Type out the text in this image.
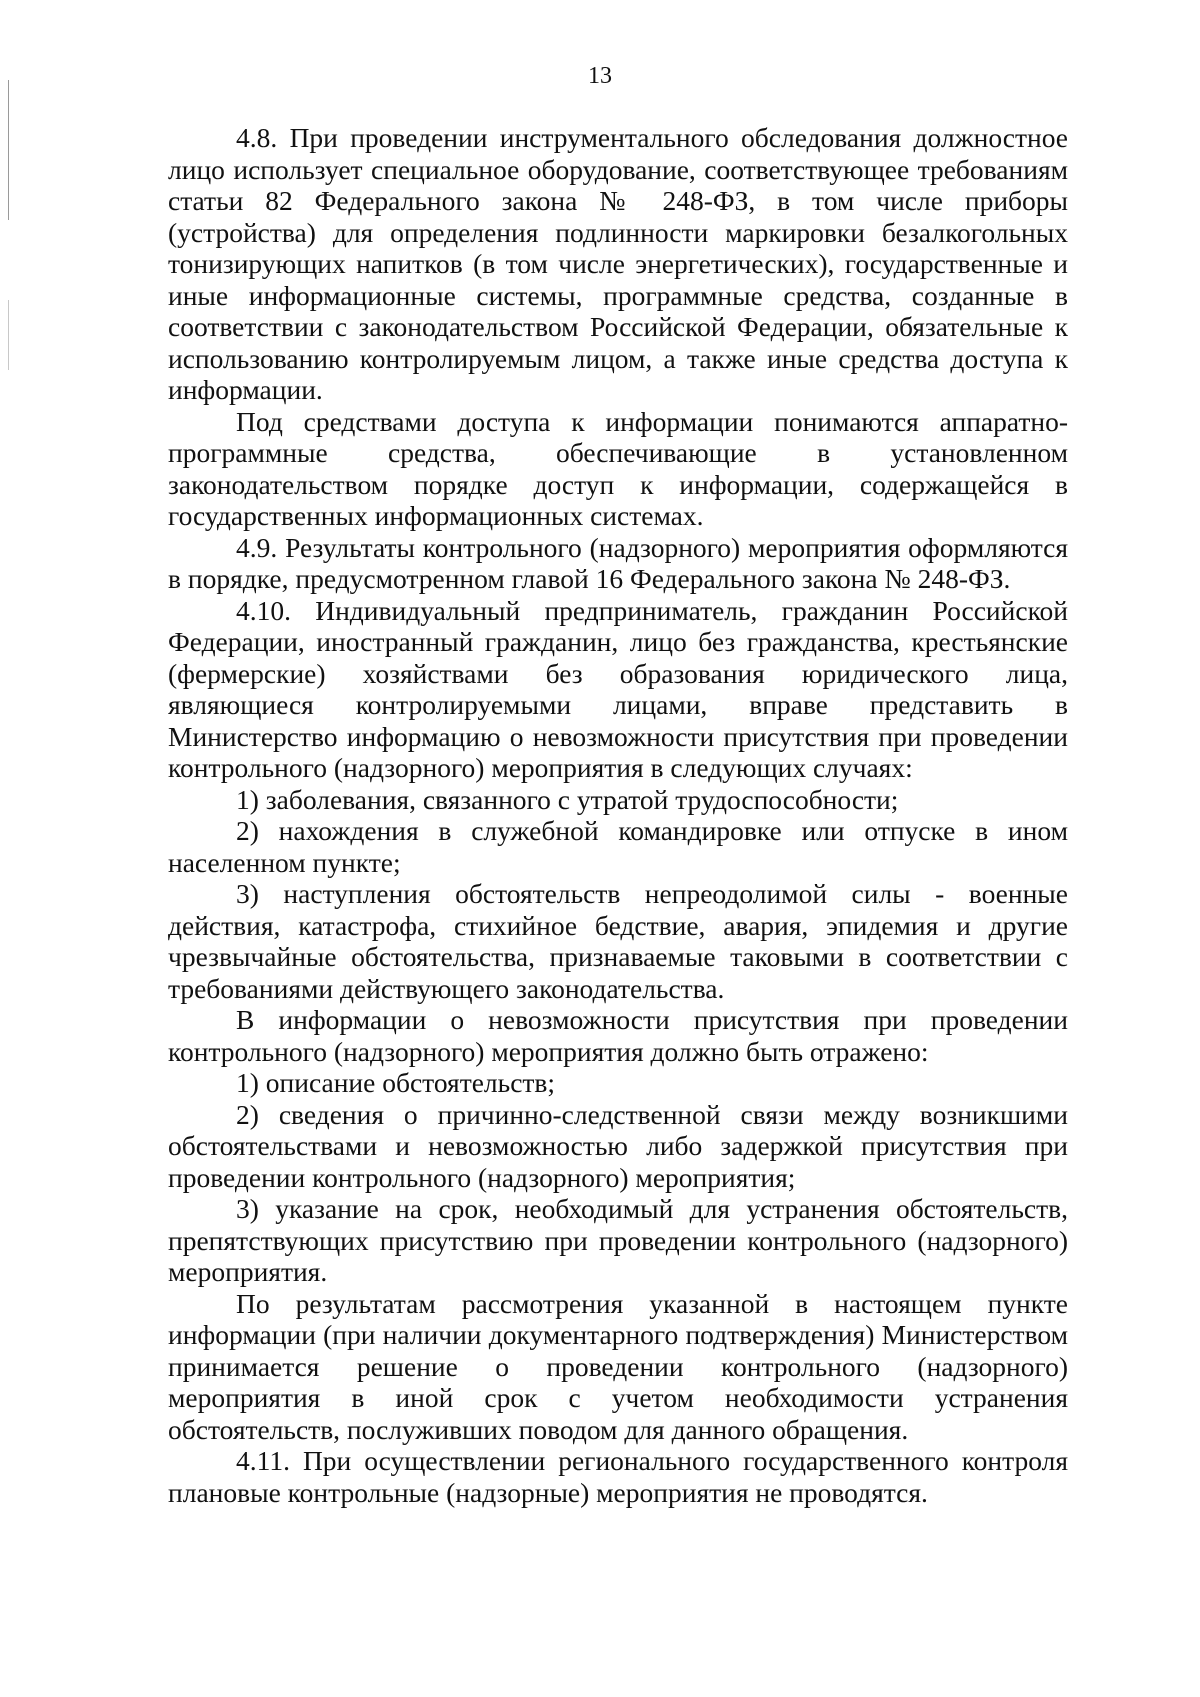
13

4.8. При проведении инструментального обследования должностное лицо использует специальное оборудование, соответствующее требованиям статьи 82 Федерального закона № 248-ФЗ, в том числе приборы (устройства) для определения подлинности маркировки безалкогольных тонизирующих напитков (в том числе энергетических), государственные и иные информационные системы, программные средства, созданные в соответствии с законодательством Российской Федерации, обязательные к использованию контролируемым лицом, а также иные средства доступа к информации.

Под средствами доступа к информации понимаются аппаратно-программные средства, обеспечивающие в установленном законодательством порядке доступ к информации, содержащейся в государственных информационных системах.

4.9. Результаты контрольного (надзорного) мероприятия оформляются в порядке, предусмотренном главой 16 Федерального закона № 248-ФЗ.

4.10. Индивидуальный предприниматель, гражданин Российской Федерации, иностранный гражданин, лицо без гражданства, крестьянские (фермерские) хозяйствами без образования юридического лица, являющиеся контролируемыми лицами, вправе представить в Министерство информацию о невозможности присутствия при проведении контрольного (надзорного) мероприятия в следующих случаях:

1) заболевания, связанного с утратой трудоспособности;

2) нахождения в служебной командировке или отпуске в ином населенном пункте;

3) наступления обстоятельств непреодолимой силы - военные действия, катастрофа, стихийное бедствие, авария, эпидемия и другие чрезвычайные обстоятельства, признаваемые таковыми в соответствии с требованиями действующего законодательства.

В информации о невозможности присутствия при проведении контрольного (надзорного) мероприятия должно быть отражено:

1) описание обстоятельств;

2) сведения о причинно-следственной связи между возникшими обстоятельствами и невозможностью либо задержкой присутствия при проведении контрольного (надзорного) мероприятия;

3) указание на срок, необходимый для устранения обстоятельств, препятствующих присутствию при проведении контрольного (надзорного) мероприятия.

По результатам рассмотрения указанной в настоящем пункте информации (при наличии документарного подтверждения) Министерством принимается решение о проведении контрольного (надзорного) мероприятия в иной срок с учетом необходимости устранения обстоятельств, послуживших поводом для данного обращения.

4.11. При осуществлении регионального государственного контроля плановые контрольные (надзорные) мероприятия не проводятся.
